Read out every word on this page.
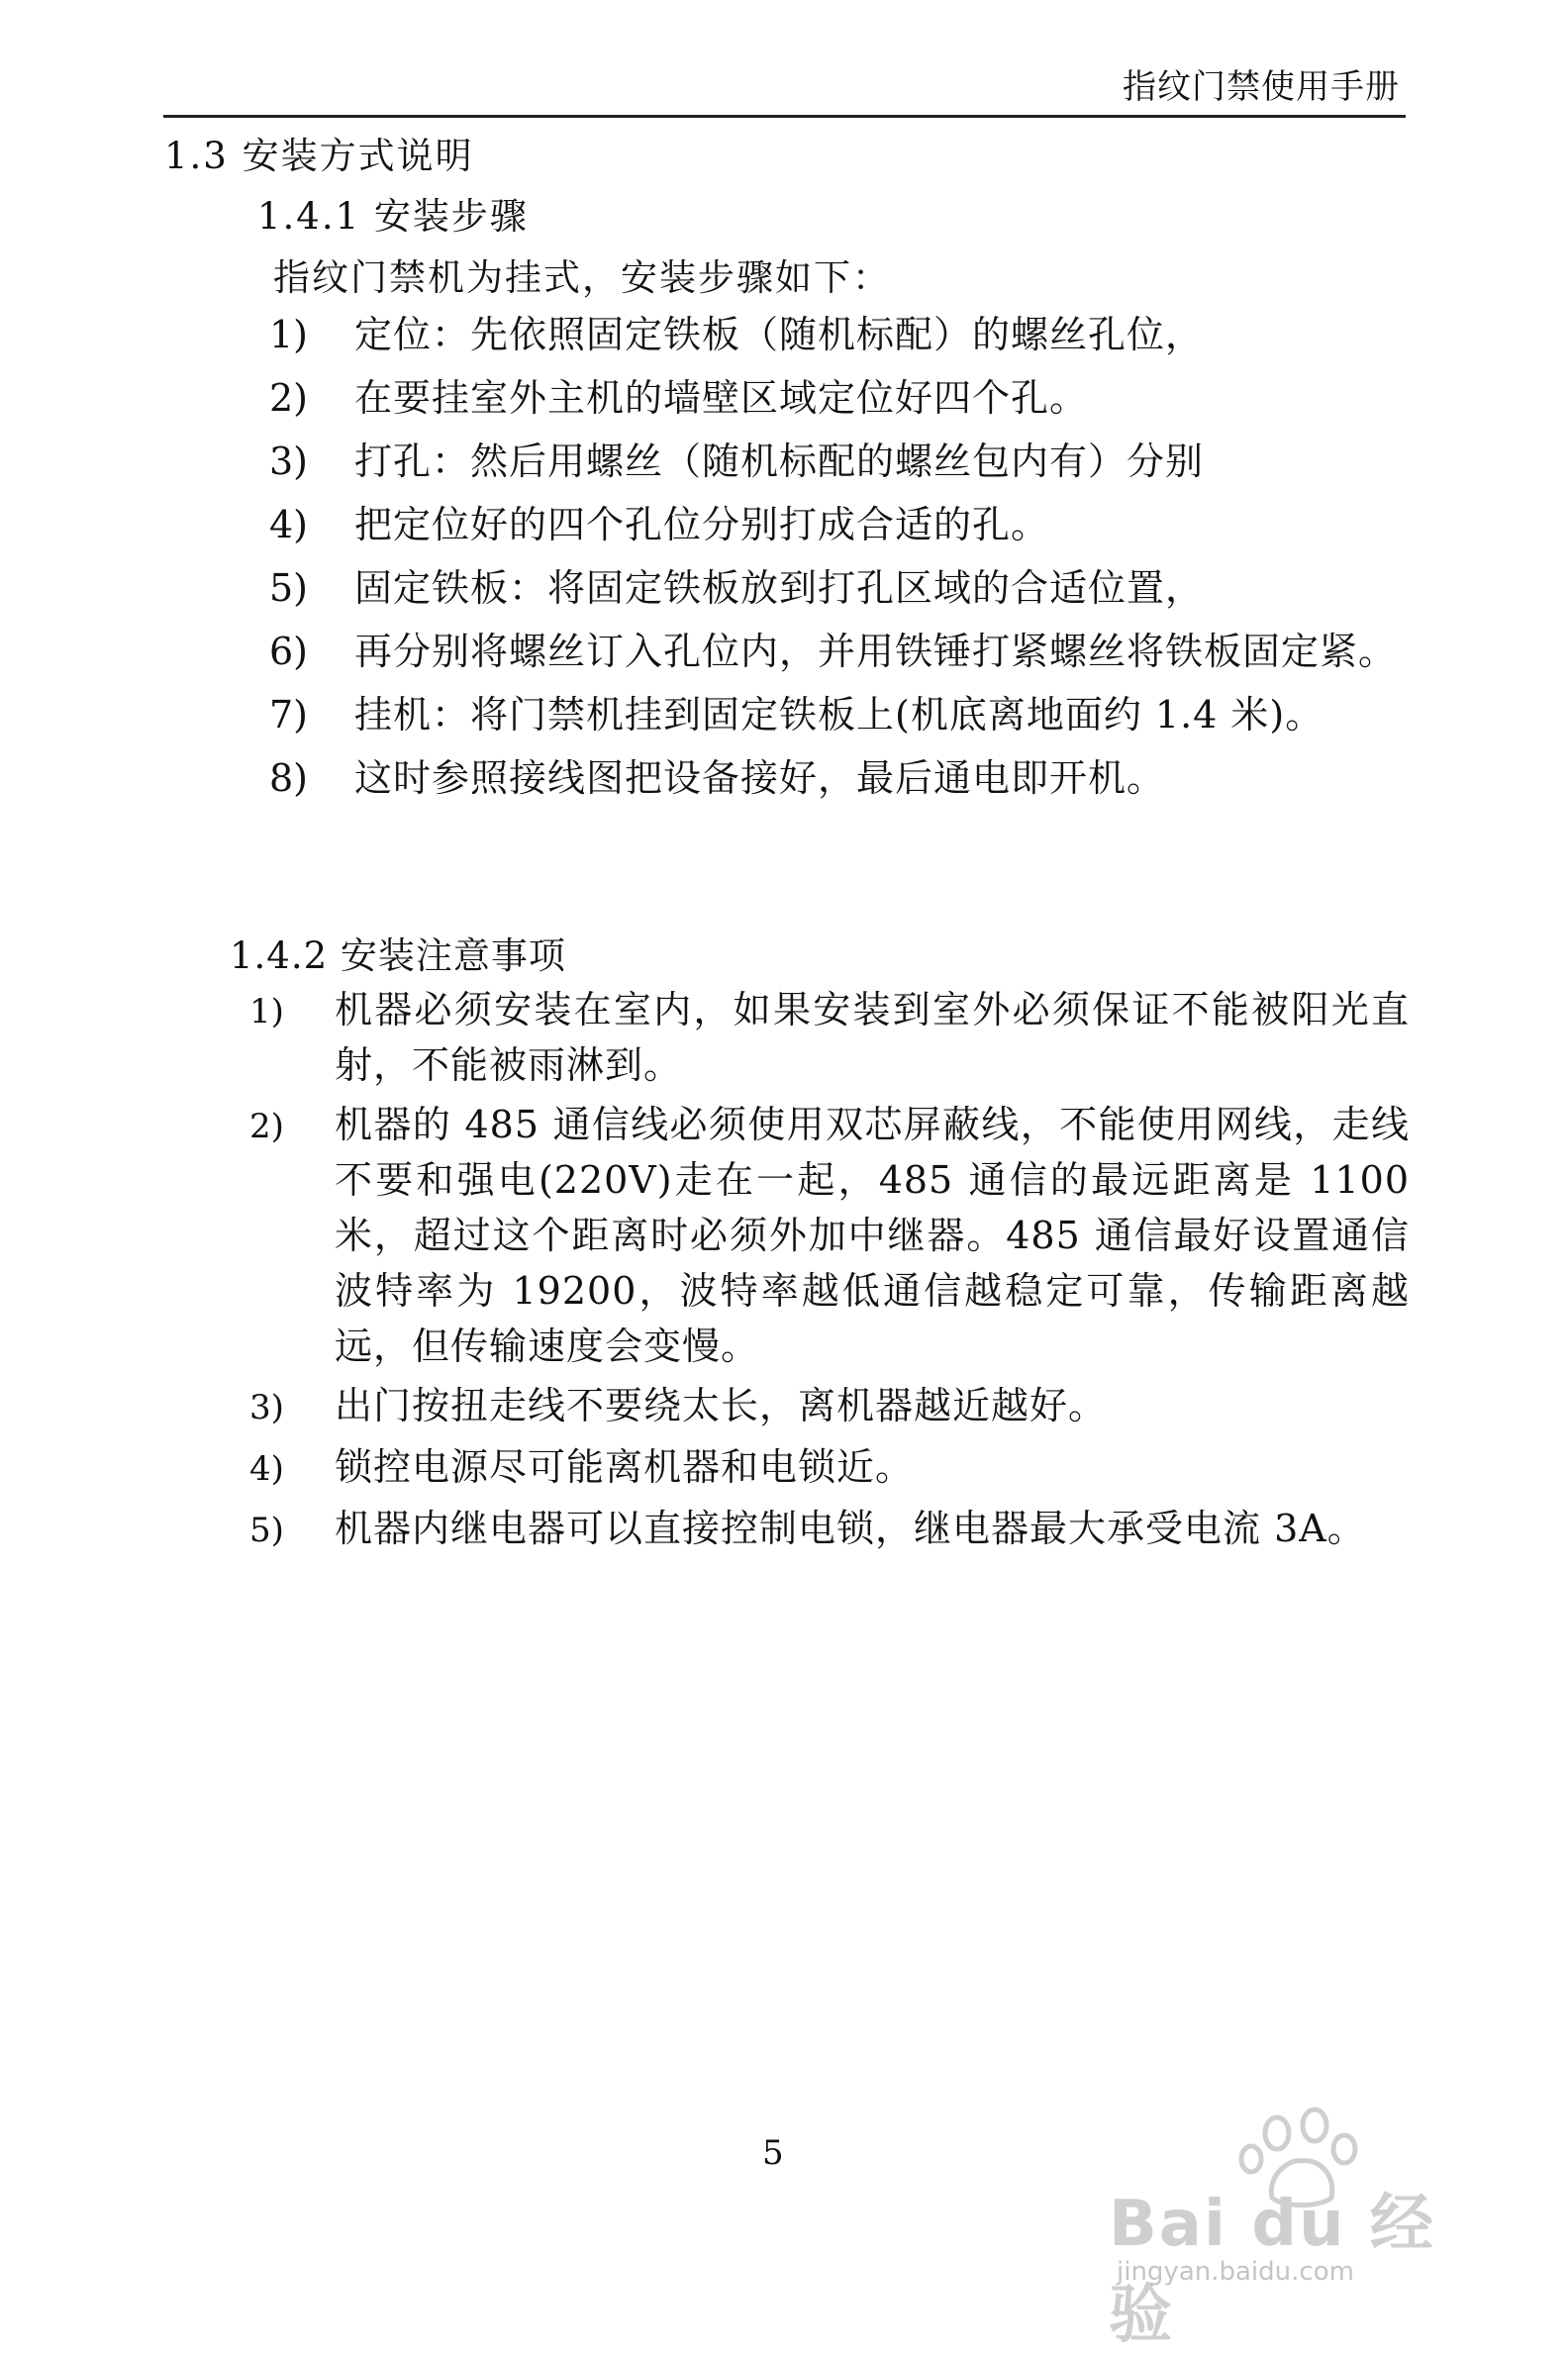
指纹门禁使用手册
1.3 安装方式说明
1.4.1 安装步骤
指纹门禁机为挂式，安装步骤如下：
1)	定位：先依照固定铁板（随机标配）的螺丝孔位，
2)	在要挂室外主机的墙壁区域定位好四个孔。
3)	打孔：然后用螺丝（随机标配的螺丝包内有）分别
4)	把定位好的四个孔位分别打成合适的孔。
5)	固定铁板：将固定铁板放到打孔区域的合适位置，
6)	再分别将螺丝订入孔位内，并用铁锤打紧螺丝将铁板固定紧。
7)	挂机：将门禁机挂到固定铁板上(机底离地面约 1.4 米)。
8)	这时参照接线图把设备接好，最后通电即开机。
1.4.2 安装注意事项
1)	机器必须安装在室内，如果安装到室外必须保证不能被阳光直射，不能被雨淋到。
2)	机器的 485 通信线必须使用双芯屏蔽线，不能使用网线，走线不要和强电(220V)走在一起，485 通信的最远距离是 1100 米，超过这个距离时必须外加中继器。485 通信最好设置通信波特率为 19200，波特率越低通信越稳定可靠，传输距离越远，但传输速度会变慢。
3)	出门按扭走线不要绕太长，离机器越近越好。
4)	锁控电源尽可能离机器和电锁近。
5)	机器内继电器可以直接控制电锁，继电器最大承受电流 3A。
5
Bai du 经验
jingyan.baidu.com
